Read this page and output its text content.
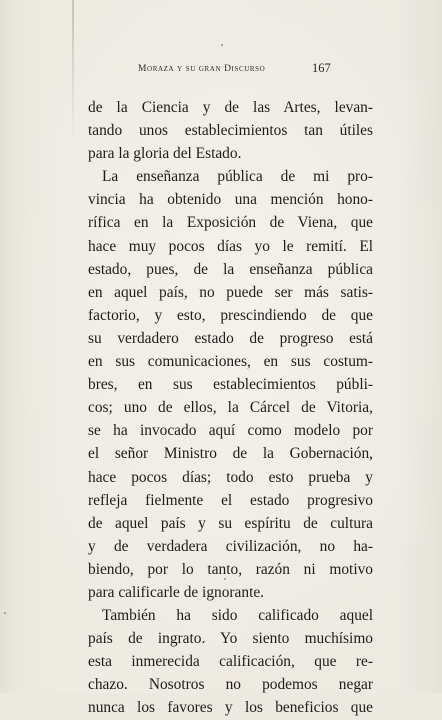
Moraza y su gran Discurso	167
de la Ciencia y de las Artes, levan-
tando unos establecimientos tan útiles
para la gloria del Estado.
La enseñanza pública de mi pro-
vincia ha obtenido una mención hono-
rífica en la Exposición de Viena, que
hace muy pocos días yo le remití. El
estado, pues, de la enseñanza pública
en aquel país, no puede ser más satis-
factorio, y esto, prescindiendo de que
su verdadero estado de progreso está
en sus comunicaciones, en sus costum-
bres, en sus establecimientos públi-
cos; uno de ellos, la Cárcel de Vitoria,
se ha invocado aquí como modelo por
el señor Ministro de la Gobernación,
hace pocos días; todo esto prueba y
refleja fielmente el estado progresivo
de aquel país y su espíritu de cultura
y de verdadera civilización, no ha-
biendo, por lo tanto, razón ni motivo
para calificarle de ignorante.
También ha sido calificado aquel
país de ingrato. Yo siento muchísimo
esta inmerecida calificación, que re-
chazo. Nosotros no podemos negar
nunca los favores y los beneficios que
